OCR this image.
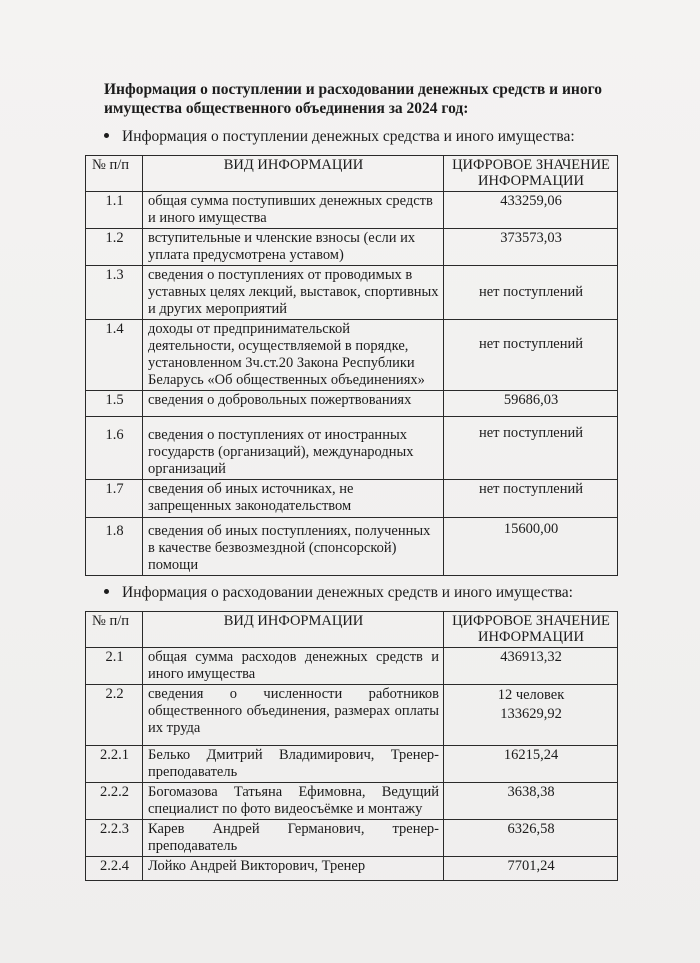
Информация о поступлении и расходовании денежных средств и иного имущества общественного объединения за 2024 год:
Информация о поступлении денежных средства и иного имущества:
№ п/п	ВИД ИНФОРМАЦИИ	ЦИФРОВОЕ ЗНАЧЕНИЕ ИНФОРМАЦИИ
1.1	общая сумма поступивших денежных средств и иного имущества	433259,06
1.2	вступительные и членские взносы (если их уплата предусмотрена уставом)	373573,03
1.3	сведения о поступлениях от проводимых в уставных целях лекций, выставок, спортивных и других мероприятий	нет поступлений
1.4	доходы от предпринимательской деятельности, осуществляемой в порядке, установленном 3ч.ст.20 Закона Республики Беларусь «Об общественных объединениях»	нет поступлений
1.5	сведения о добровольных пожертвованиях	59686,03
1.6	сведения о поступлениях от иностранных государств (организаций), международных организаций	нет поступлений
1.7	сведения об иных источниках, не запрещенных законодательством	нет поступлений
1.8	сведения об иных поступлениях, полученных в качестве безвозмездной (спонсорской) помощи	15600,00
Информация о расходовании денежных средств и иного имущества:
№ п/п	ВИД ИНФОРМАЦИИ	ЦИФРОВОЕ ЗНАЧЕНИЕ ИНФОРМАЦИИ
2.1	общая сумма расходов денежных средств и иного имущества	436913,32
2.2	сведения о численности работников общественного объединения, размерах оплаты их труда	12 человек
133629,92

2.2.1	Белько Дмитрий Владимирович, Тренер-преподаватель	16215,24
2.2.2	Богомазова Татьяна Ефимовна, Ведущий специалист по фото видеосъёмке и монтажу	3638,38
2.2.3	Карев Андрей Германович, тренер-преподаватель	6326,58
2.2.4	Лойко Андрей Викторович, Тренер	7701,24
